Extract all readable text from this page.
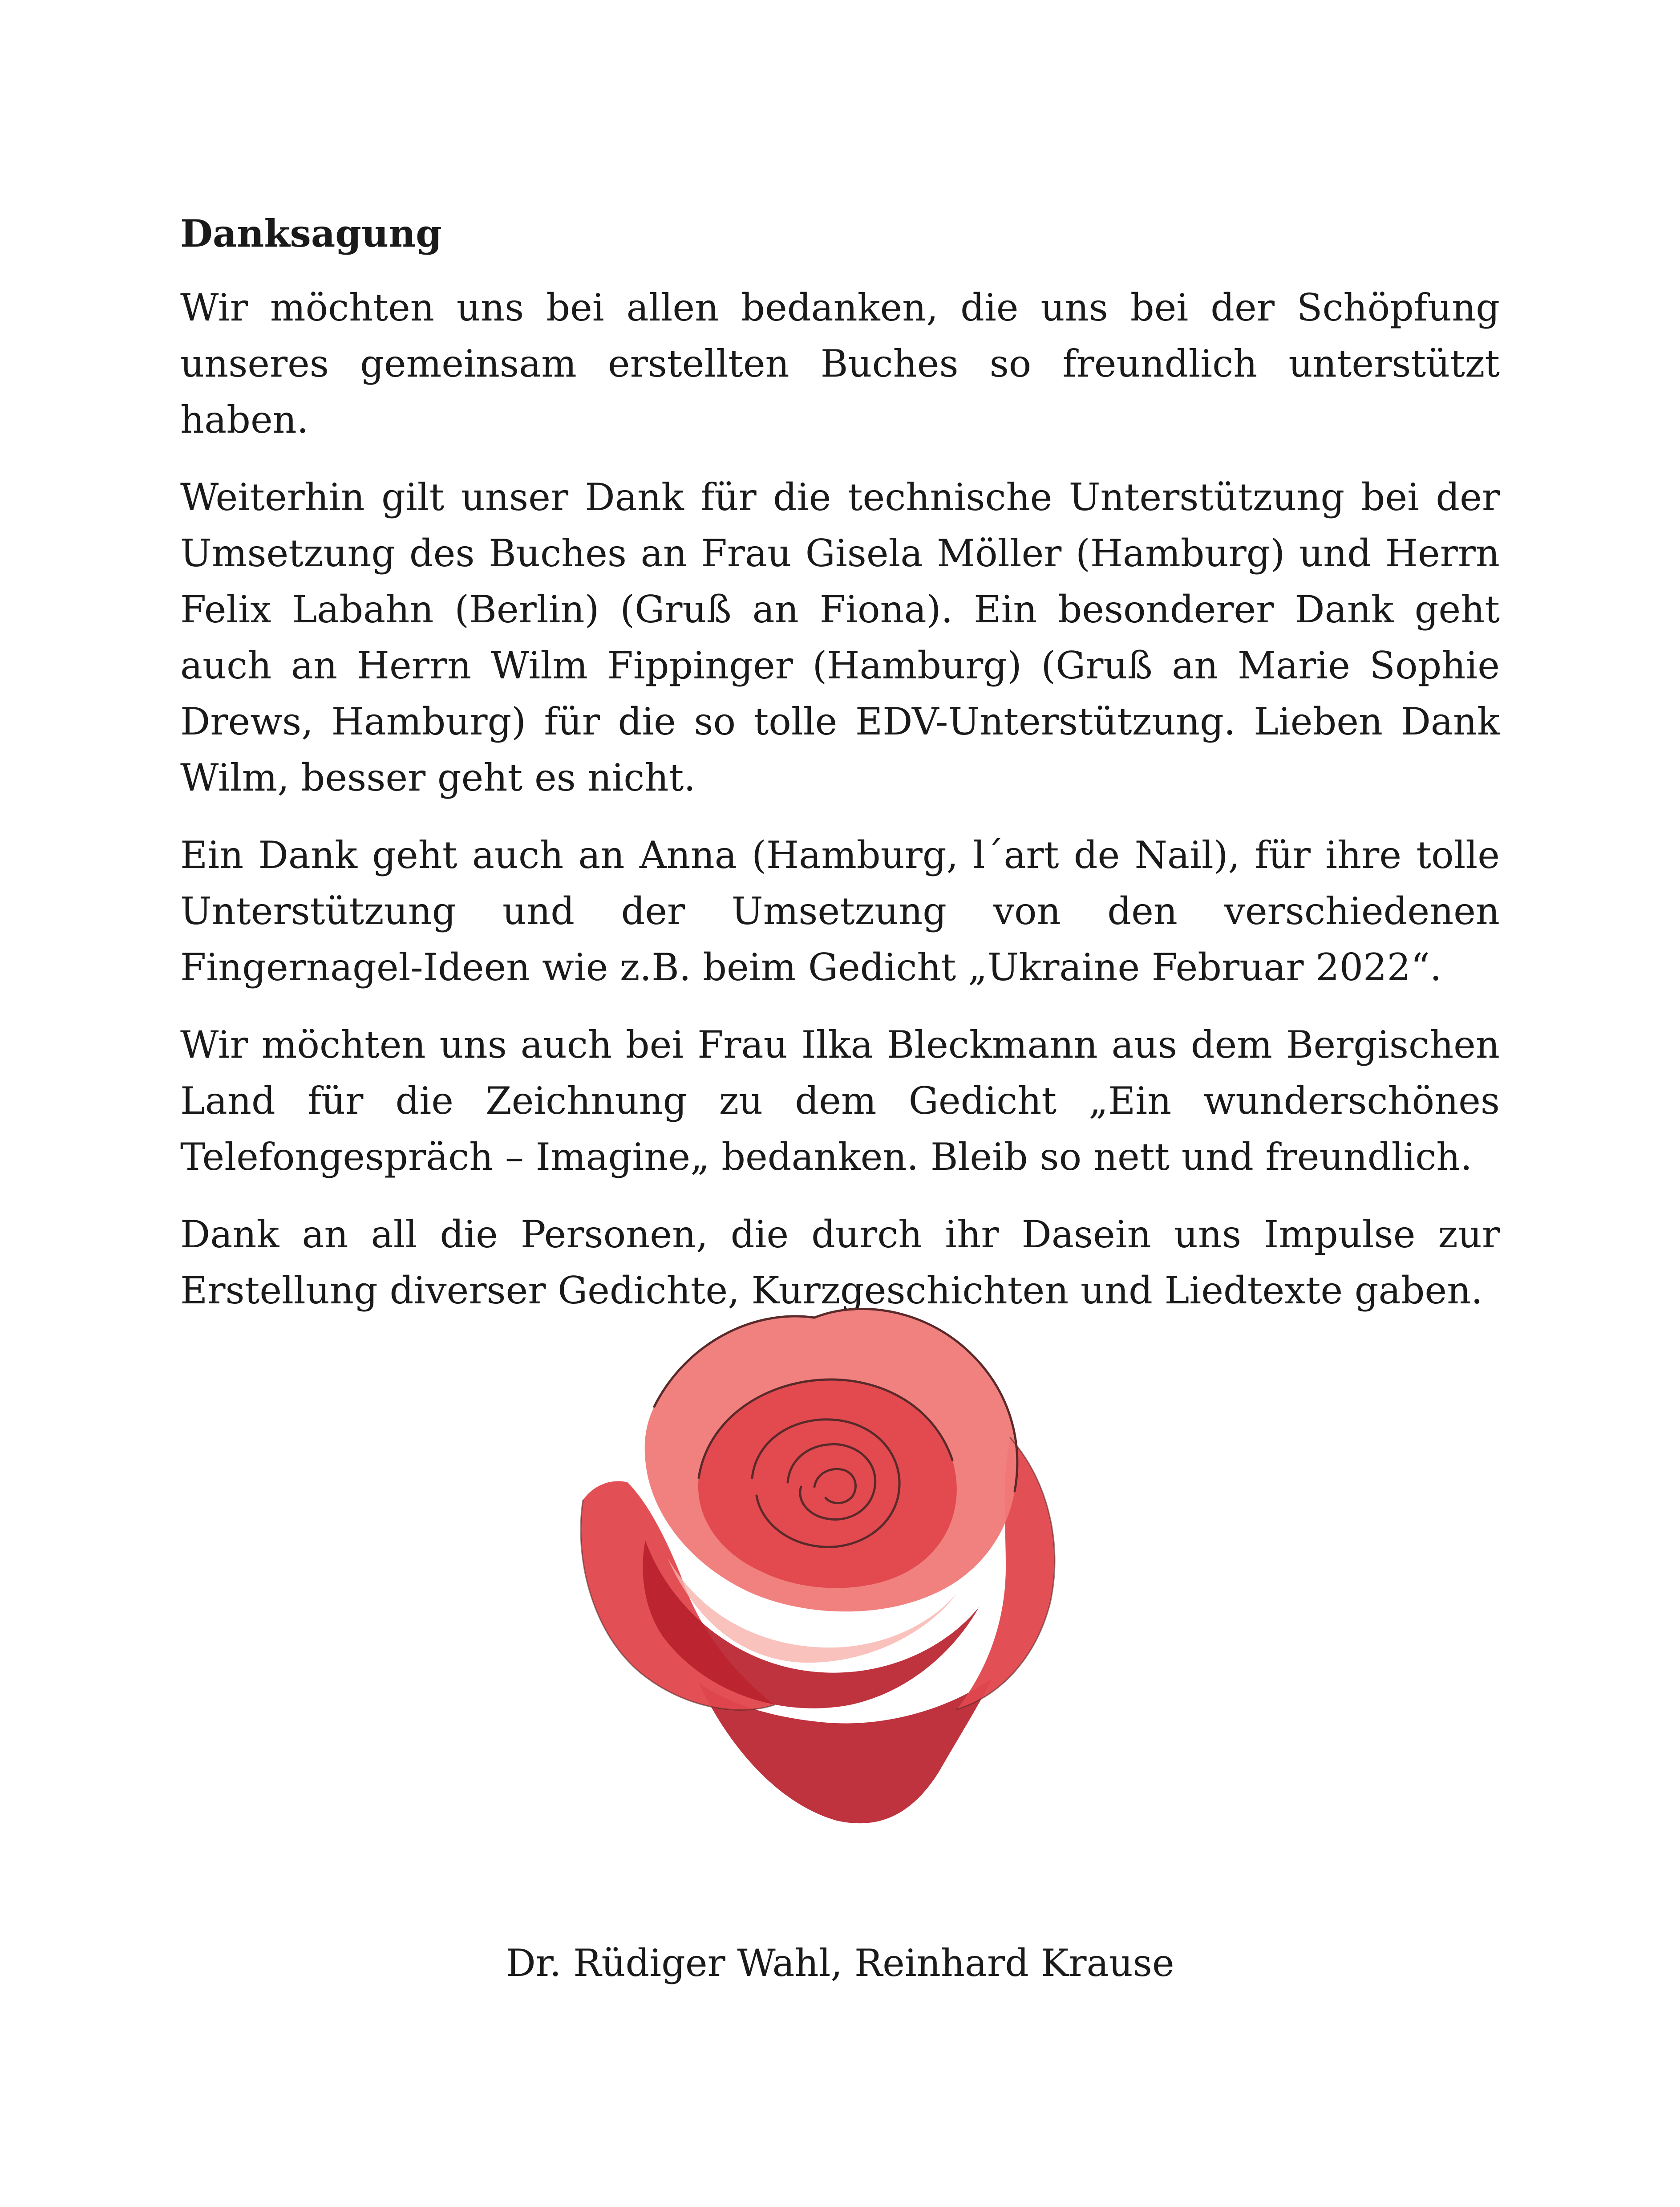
Danksagung

Wir möchten uns bei allen bedanken, die uns bei der Schöpfung unseres gemeinsam erstellten Buches so freundlich unterstützt haben.

Weiterhin gilt unser Dank für die technische Unterstützung bei der Umsetzung des Buches an Frau Gisela Möller (Hamburg) und Herrn Felix Labahn (Berlin) (Gruß an Fiona). Ein besonderer Dank geht auch an Herrn Wilm Fippinger (Hamburg) (Gruß an Marie Sophie Drews, Hamburg) für die so tolle EDV-Unterstützung. Lieben Dank Wilm, besser geht es nicht.

Ein Dank geht auch an Anna (Hamburg, l´art de Nail), für ihre tolle Unterstützung und der Umsetzung von den verschiedenen Fingernagel-Ideen wie z.B. beim Gedicht „Ukraine Februar 2022“.

Wir möchten uns auch bei Frau Ilka Bleckmann aus dem Bergischen Land für die Zeichnung zu dem Gedicht „Ein wunderschönes Telefongespräch – Imagine„ bedanken. Bleib so nett und freundlich.

Dank an all die Personen, die durch ihr Dasein uns Impulse zur Erstellung diverser Gedichte, Kurzgeschichten und Liedtexte gaben.

Dr. Rüdiger Wahl, Reinhard Krause
